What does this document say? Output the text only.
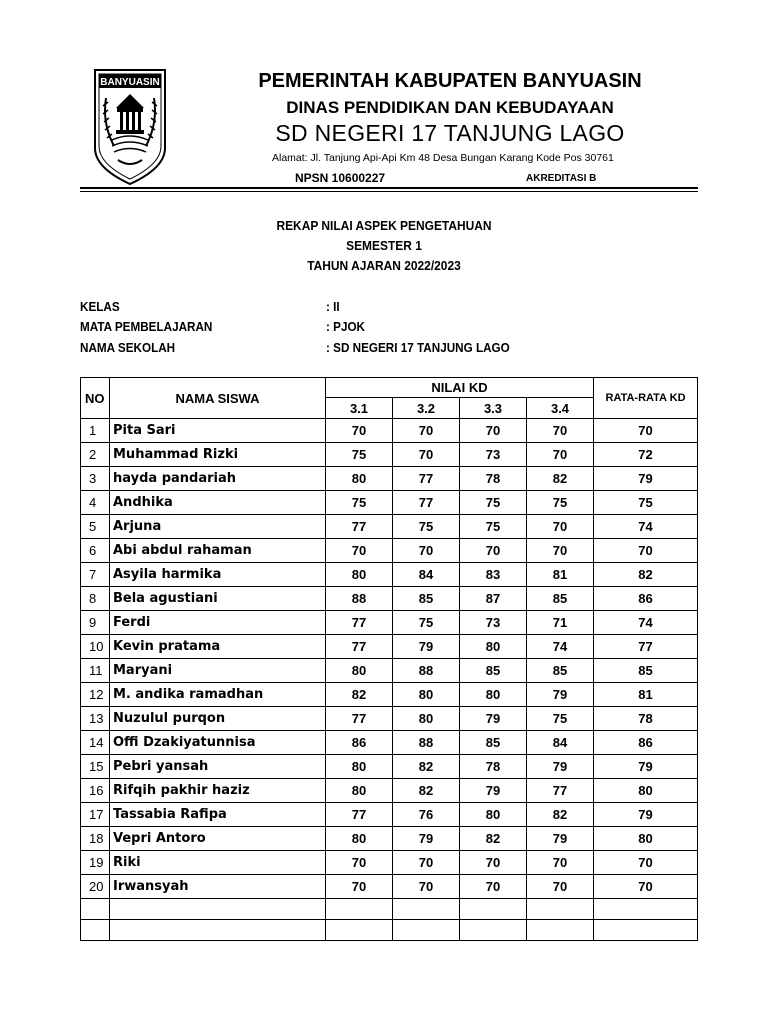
BANYUASIN	PEMERINTAH KABUPATEN BANYUASIN
DINAS PENDIDIKAN DAN KEBUDAYAAN
SD NEGERI 17 TANJUNG LAGO
Alamat: Jl. Tanjung Api-Api Km 48 Desa Bungan Karang Kode Pos 30761
NPSN 10600227	AKREDITASI B
REKAP NILAI ASPEK PENGETAHUAN
SEMESTER 1
TAHUN AJARAN 2022/2023
KELAS	: II
MATA PEMBELAJARAN	: PJOK
NAMA SEKOLAH	: SD NEGERI 17 TANJUNG LAGO
NO	NAMA SISWA	NILAI KD				RATA-RATA KD
		3.1	3.2	3.3	3.4	
1	Pita Sari	70	70	70	70	70
2	Muhammad Rizki	75	70	73	70	72
3	hayda pandariah	80	77	78	82	79
4	Andhika	75	77	75	75	75
5	Arjuna	77	75	75	70	74
6	Abi abdul rahaman	70	70	70	70	70
7	Asyila harmika	80	84	83	81	82
8	Bela agustiani	88	85	87	85	86
9	Ferdi	77	75	73	71	74
10	Kevin pratama	77	79	80	74	77
11	Maryani	80	88	85	85	85
12	M. andika ramadhan	82	80	80	79	81
13	Nuzulul purqon	77	80	79	75	78
14	Offi Dzakiyatunnisa	86	88	85	84	86
15	Pebri yansah	80	82	78	79	79
16	Rifqih pakhir haziz	80	82	79	77	80
17	Tassabia Rafipa	77	76	80	82	79
18	Vepri Antoro	80	79	82	79	80
19	Riki	70	70	70	70	70
20	Irwansyah	70	70	70	70	70
